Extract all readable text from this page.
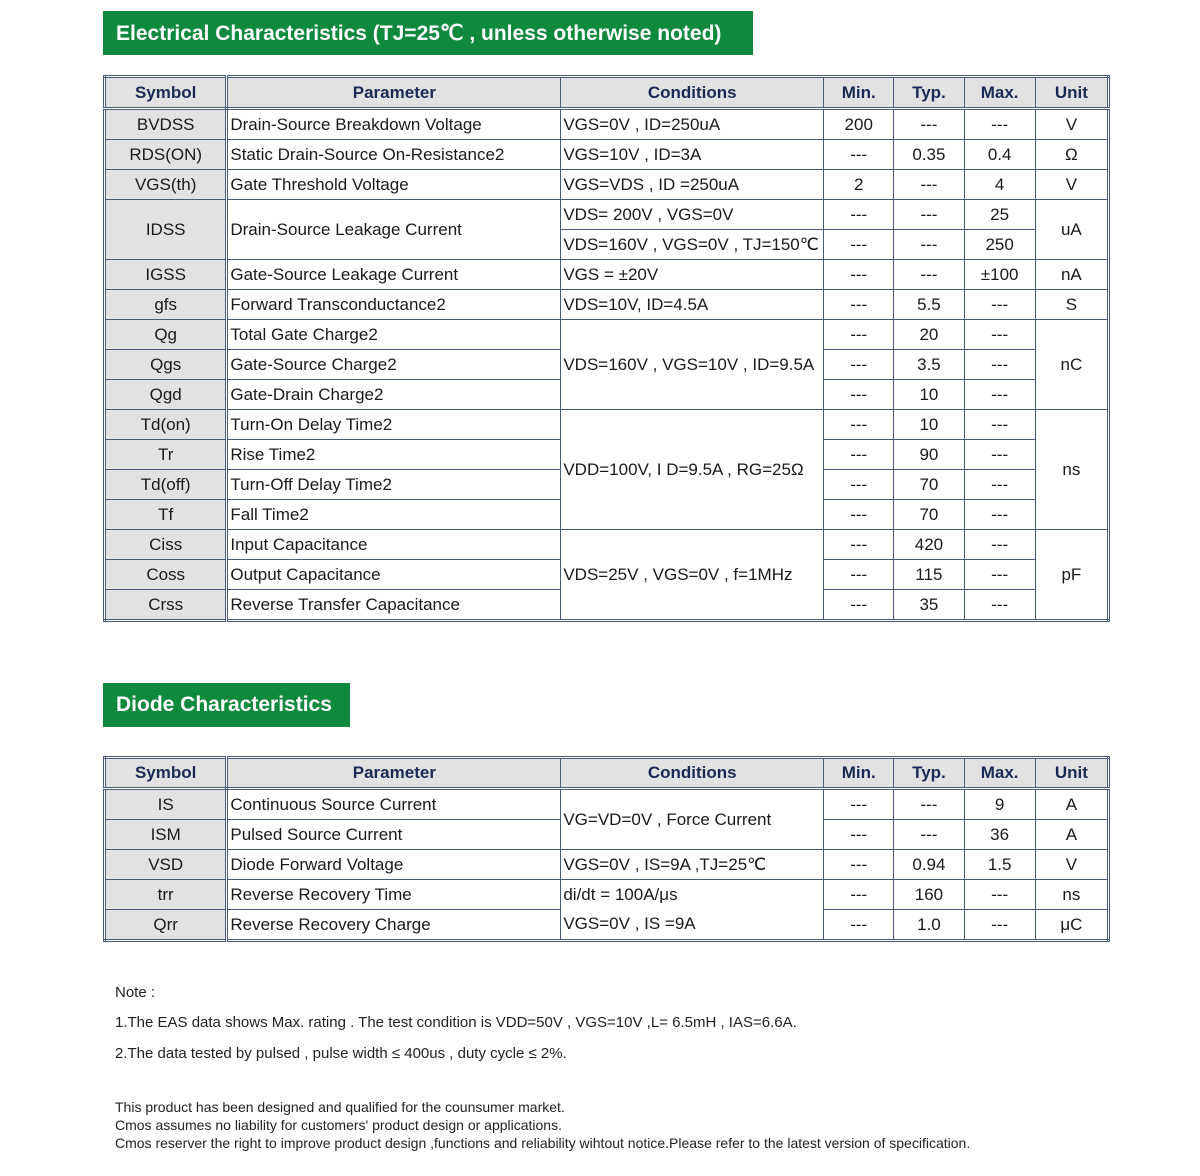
Electrical Characteristics (TJ=25℃ , unless otherwise noted)
Symbol	Parameter	Conditions	Min.	Typ.	Max.	Unit
BVDSS	Drain-Source Breakdown Voltage	VGS=0V , ID=250uA	200	---	---	V
RDS(ON)	Static Drain-Source On-Resistance2	VGS=10V , ID=3A	---	0.35	0.4	Ω
VGS(th)	Gate Threshold Voltage	VGS=VDS , ID =250uA	2	---	4	V
IDSS	Drain-Source Leakage Current	VDS= 200V , VGS=0V	---	---	25	uA
		VDS=160V , VGS=0V , TJ=150℃	---	---	250	
IGSS	Gate-Source Leakage Current	VGS = ±20V	---	---	±100	nA
gfs	Forward Transconductance2	VDS=10V, ID=4.5A	---	5.5	---	S
Qg	Total Gate Charge2	VDS=160V , VGS=10V , ID=9.5A	---	20	---	nC
Qgs	Gate-Source Charge2		---	3.5	---	
Qgd	Gate-Drain Charge2		---	10	---	
Td(on)	Turn-On Delay Time2	VDD=100V, I D=9.5A , RG=25Ω	---	10	---	ns
Tr	Rise Time2		---	90	---	
Td(off)	Turn-Off Delay Time2		---	70	---	
Tf	Fall Time2		---	70	---	
Ciss	Input Capacitance	VDS=25V , VGS=0V , f=1MHz	---	420	---	pF
Coss	Output Capacitance		---	115	---	
Crss	Reverse Transfer Capacitance		---	35	---	
Diode Characteristics
Symbol	Parameter	Conditions	Min.	Typ.	Max.	Unit
IS	Continuous Source Current	VG=VD=0V , Force Current	---	---	9	A
ISM	Pulsed Source Current		---	---	36	A
VSD	Diode Forward Voltage	VGS=0V , IS=9A ,TJ=25℃	---	0.94	1.5	V
trr	Reverse Recovery Time	di/dt = 100A/μs	---	160	---	ns
Qrr	Reverse Recovery Charge	VGS=0V , IS =9A	---	1.0	---	μC
Note :
1.The EAS data shows Max. rating . The test condition is VDD=50V , VGS=10V ,L= 6.5mH , IAS=6.6A.
2.The data tested by pulsed , pulse width ≤ 400us , duty cycle ≤ 2%.
This product has been designed and qualified for the counsumer market.
Cmos assumes no liability for customers' product design or applications.
Cmos reserver the right to improve product design ,functions and reliability wihtout notice.Please refer to the latest version of specification.
